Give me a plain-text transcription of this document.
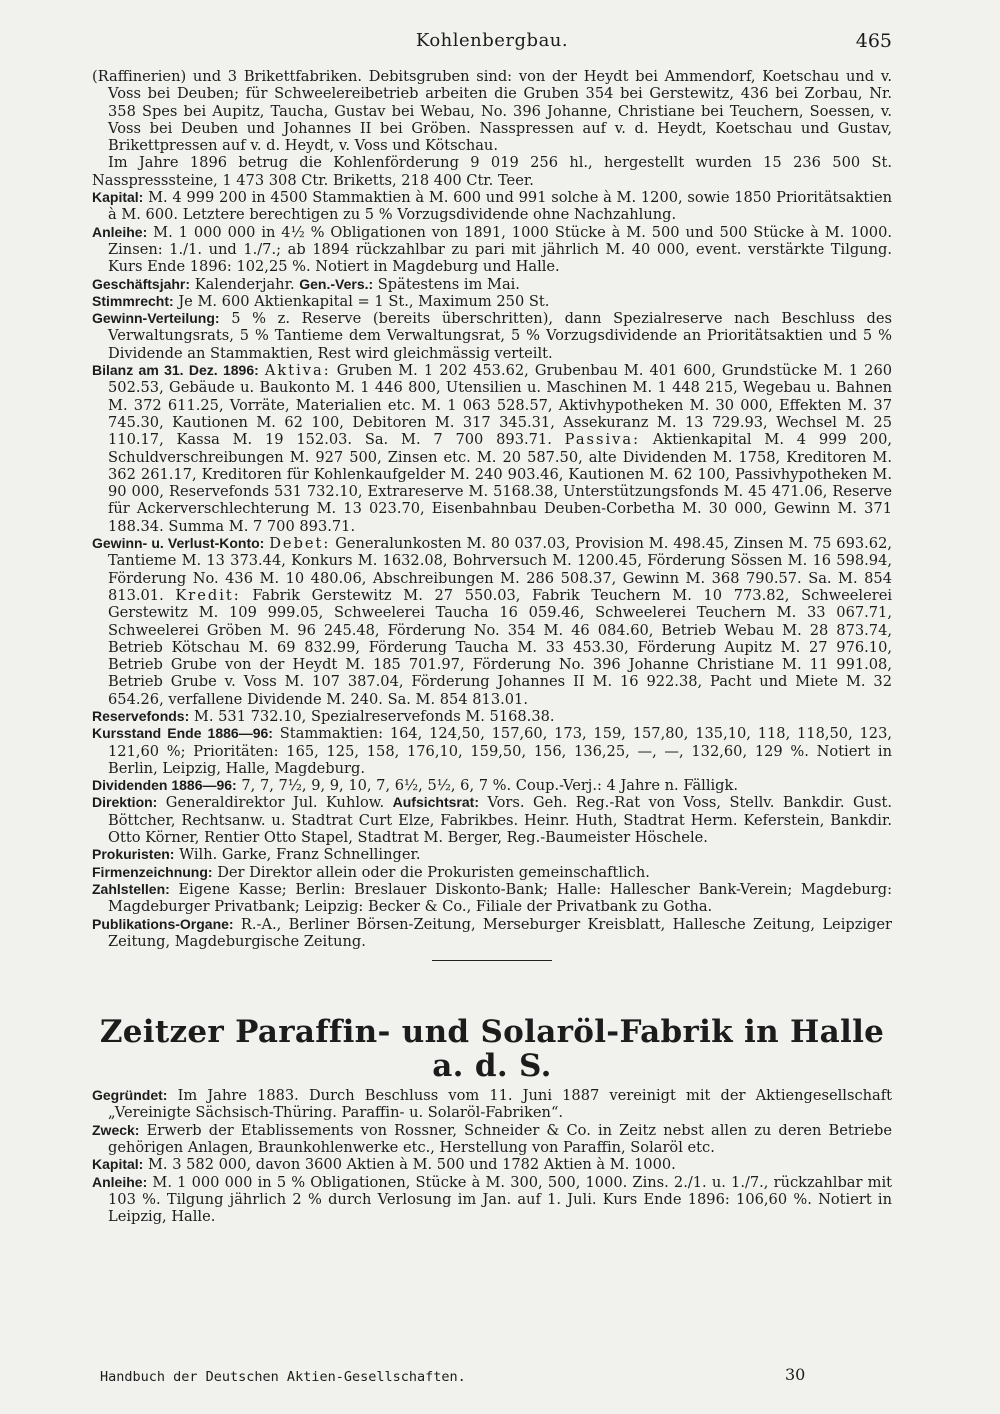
Kohlenbergbau.	465

(Raffinerien) und 3 Brikettfabriken. Debitsgruben sind: von der Heydt bei Ammendorf, Koetschau und v. Voss bei Deuben; für Schweelereibetrieb arbeiten die Gruben 354 bei Gerstewitz, 436 bei Zorbau, Nr. 358 Spes bei Aupitz, Taucha, Gustav bei Webau, No. 396 Johanne, Christiane bei Teuchern, Soessen, v. Voss bei Deuben und Johannes II bei Gröben. Nasspressen auf v. d. Heydt, Koetschau und Gustav, Brikettpressen auf v. d. Heydt, v. Voss und Kötschau.

Im Jahre 1896 betrug die Kohlenförderung 9 019 256 hl., hergestellt wurden 15 236 500 St. Nasspresssteine, 1 473 308 Ctr. Briketts, 218 400 Ctr. Teer.

Kapital: M. 4 999 200 in 4500 Stammaktien à M. 600 und 991 solche à M. 1200, sowie 1850 Prioritätsaktien à M. 600. Letztere berechtigen zu 5 % Vorzugsdividende ohne Nachzahlung.

Anleihe: M. 1 000 000 in 4½ % Obligationen von 1891, 1000 Stücke à M. 500 und 500 Stücke à M. 1000. Zinsen: 1./1. und 1./7.; ab 1894 rückzahlbar zu pari mit jährlich M. 40 000, event. verstärkte Tilgung. Kurs Ende 1896: 102,25 %. Notiert in Magdeburg und Halle.

Geschäftsjahr: Kalenderjahr. Gen.-Vers.: Spätestens im Mai.

Stimmrecht: Je M. 600 Aktienkapital = 1 St., Maximum 250 St.

Gewinn-Verteilung: 5 % z. Reserve (bereits überschritten), dann Spezialreserve nach Beschluss des Verwaltungsrats, 5 % Tantieme dem Verwaltungsrat, 5 % Vorzugsdividende an Prioritätsaktien und 5 % Dividende an Stammaktien, Rest wird gleichmässig verteilt.

Bilanz am 31. Dez. 1896: Aktiva: Gruben M. 1 202 453.62, Grubenbau M. 401 600, Grundstücke M. 1 260 502.53, Gebäude u. Baukonto M. 1 446 800, Utensilien u. Maschinen M. 1 448 215, Wegebau u. Bahnen M. 372 611.25, Vorräte, Materialien etc. M. 1 063 528.57, Aktivhypotheken M. 30 000, Effekten M. 37 745.30, Kautionen M. 62 100, Debitoren M. 317 345.31, Assekuranz M. 13 729.93, Wechsel M. 25 110.17, Kassa M. 19 152.03. Sa. M. 7 700 893.71. Passiva: Aktienkapital M. 4 999 200, Schuldverschreibungen M. 927 500, Zinsen etc. M. 20 587.50, alte Dividenden M. 1758, Kreditoren M. 362 261.17, Kreditoren für Kohlenkaufgelder M. 240 903.46, Kautionen M. 62 100, Passivhypotheken M. 90 000, Reservefonds 531 732.10, Extrareserve M. 5168.38, Unterstützungsfonds M. 45 471.06, Reserve für Ackerverschlechterung M. 13 023.70, Eisenbahnbau Deuben-Corbetha M. 30 000, Gewinn M. 371 188.34. Summa M. 7 700 893.71.

Gewinn- u. Verlust-Konto: Debet: Generalunkosten M. 80 037.03, Provision M. 498.45, Zinsen M. 75 693.62, Tantieme M. 13 373.44, Konkurs M. 1632.08, Bohrversuch M. 1200.45, Förderung Sössen M. 16 598.94, Förderung No. 436 M. 10 480.06, Abschreibungen M. 286 508.37, Gewinn M. 368 790.57. Sa. M. 854 813.01. Kredit: Fabrik Gerstewitz M. 27 550.03, Fabrik Teuchern M. 10 773.82, Schweelerei Gerstewitz M. 109 999.05, Schweelerei Taucha 16 059.46, Schweelerei Teuchern M. 33 067.71, Schweelerei Gröben M. 96 245.48, Förderung No. 354 M. 46 084.60, Betrieb Webau M. 28 873.74, Betrieb Kötschau M. 69 832.99, Förderung Taucha M. 33 453.30, Förderung Aupitz M. 27 976.10, Betrieb Grube von der Heydt M. 185 701.97, Förderung No. 396 Johanne Christiane M. 11 991.08, Betrieb Grube v. Voss M. 107 387.04, Förderung Johannes II M. 16 922.38, Pacht und Miete M. 32 654.26, verfallene Dividende M. 240. Sa. M. 854 813.01.

Reservefonds: M. 531 732.10, Spezialreservefonds M. 5168.38.

Kursstand Ende 1886—96: Stammaktien: 164, 124,50, 157,60, 173, 159, 157,80, 135,10, 118, 118,50, 123, 121,60 %; Prioritäten: 165, 125, 158, 176,10, 159,50, 156, 136,25, —, —, 132,60, 129 %. Notiert in Berlin, Leipzig, Halle, Magdeburg.

Dividenden 1886—96: 7, 7, 7½, 9, 9, 10, 7, 6½, 5½, 6, 7 %. Coup.-Verj.: 4 Jahre n. Fälligk.

Direktion: Generaldirektor Jul. Kuhlow. Aufsichtsrat: Vors. Geh. Reg.-Rat von Voss, Stellv. Bankdir. Gust. Böttcher, Rechtsanw. u. Stadtrat Curt Elze, Fabrikbes. Heinr. Huth, Stadtrat Herm. Keferstein, Bankdir. Otto Körner, Rentier Otto Stapel, Stadtrat M. Berger, Reg.-Baumeister Höschele.

Prokuristen: Wilh. Garke, Franz Schnellinger.

Firmenzeichnung: Der Direktor allein oder die Prokuristen gemeinschaftlich.

Zahlstellen: Eigene Kasse; Berlin: Breslauer Diskonto-Bank; Halle: Hallescher Bank-Verein; Magdeburg: Magdeburger Privatbank; Leipzig: Becker & Co., Filiale der Privatbank zu Gotha.

Publikations-Organe: R.-A., Berliner Börsen-Zeitung, Merseburger Kreisblatt, Hallesche Zeitung, Leipziger Zeitung, Magdeburgische Zeitung.

Zeitzer Paraffin- und Solaröl-Fabrik in Halle a. d. S.

Gegründet: Im Jahre 1883. Durch Beschluss vom 11. Juni 1887 vereinigt mit der Aktiengesellschaft „Vereinigte Sächsisch-Thüring. Paraffin- u. Solaröl-Fabriken“.

Zweck: Erwerb der Etablissements von Rossner, Schneider & Co. in Zeitz nebst allen zu deren Betriebe gehörigen Anlagen, Braunkohlenwerke etc., Herstellung von Paraffin, Solaröl etc.

Kapital: M. 3 582 000, davon 3600 Aktien à M. 500 und 1782 Aktien à M. 1000.

Anleihe: M. 1 000 000 in 5 % Obligationen, Stücke à M. 300, 500, 1000. Zins. 2./1. u. 1./7., rückzahlbar mit 103 %. Tilgung jährlich 2 % durch Verlosung im Jan. auf 1. Juli. Kurs Ende 1896: 106,60 %. Notiert in Leipzig, Halle.

Handbuch der Deutschen Aktien-Gesellschaften.	30
